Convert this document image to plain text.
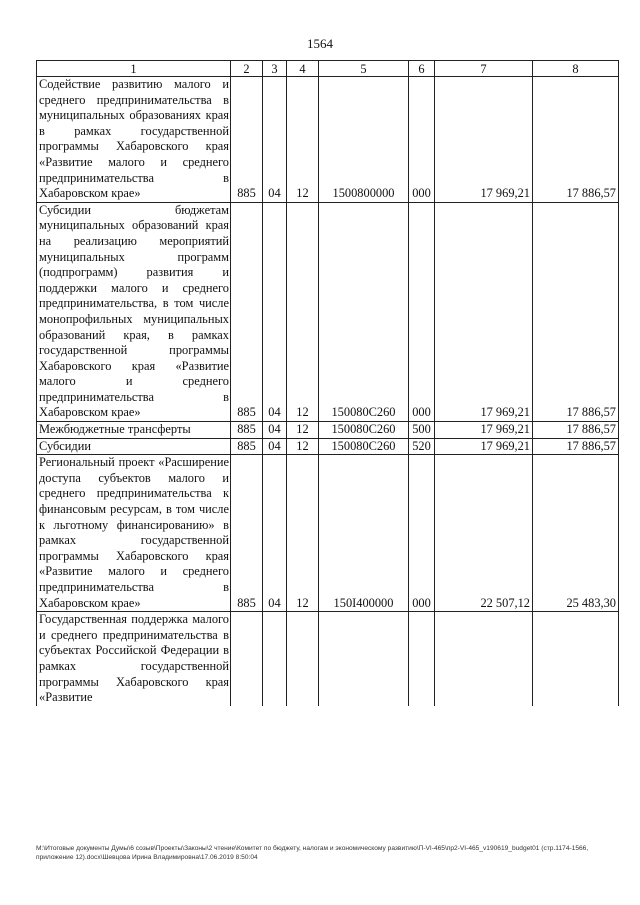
1564
1	2	3	4	5	6	7	8
Содействие развитию малого и среднего предпринимательства в муниципальных образованиях края в рамках государственной программы Хабаровского края «Развитие малого и среднего предпринимательства в Хабаровском крае»	885	04	12	1500800000	000	17 969,21	17 886,57
Субсидии бюджетам муниципальных образований края на реализацию мероприятий муниципальных программ (подпрограмм) развития и поддержки малого и среднего предпринимательства, в том числе монопрофильных муниципальных образований края, в рамках государственной программы Хабаровского края «Развитие малого и среднего предпринимательства в Хабаровском крае»	885	04	12	150080C260	000	17 969,21	17 886,57
Межбюджетные трансферты	885	04	12	150080C260	500	17 969,21	17 886,57
Субсидии	885	04	12	150080C260	520	17 969,21	17 886,57
Региональный проект «Расширение доступа субъектов малого и среднего предпринимательства к финансовым ресурсам, в том числе к льготному финансированию» в рамках государственной программы Хабаровского края «Развитие малого и среднего предпринимательства в Хабаровском крае»	885	04	12	150I400000	000	22 507,12	25 483,30
Государственная поддержка малого и среднего предпринимательства в субъектах Российской Федерации в рамках государственной программы Хабаровского края «Развитие							
М:\Итоговые документы Думы\6 созыв\Проекты\Законы\2 чтение\Комитет по бюджету, налогам и экономическому развитию\П-VI-465\пр2-VI-465_v190619_budget01 (стр.1174-1566, приложение 12).docx\Шевцова Ирина Владимировна\17.06.2019 8:50:04
